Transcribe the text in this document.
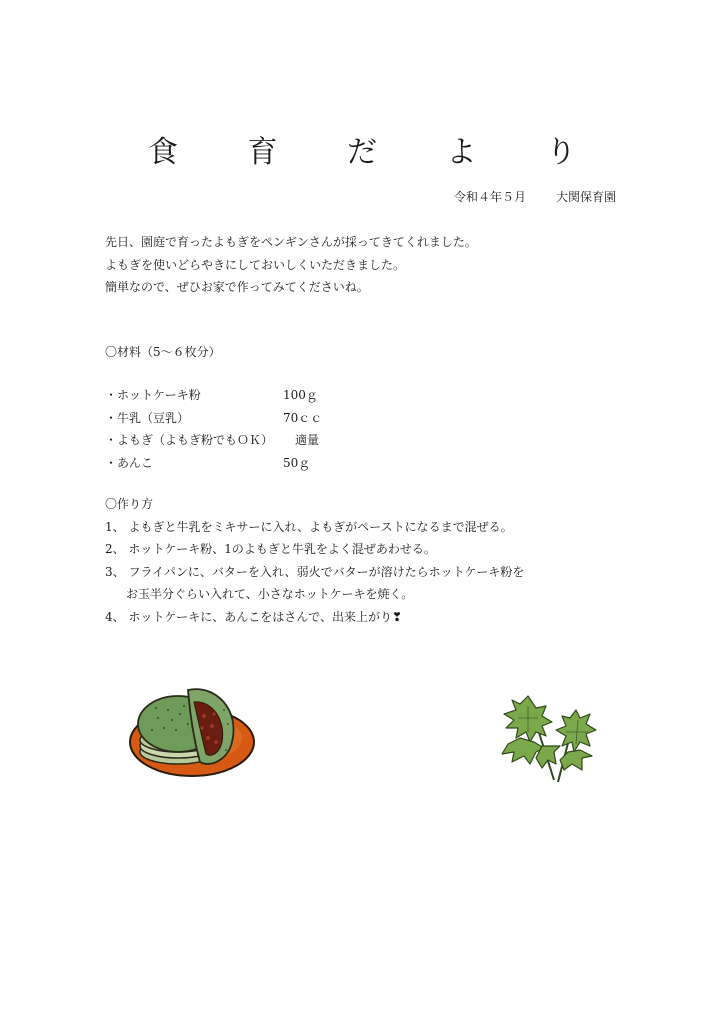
食 育 だ よ り
令和４年５月	大関保育園
先日、園庭で育ったよもぎをペンギンさんが採ってきてくれました。
よもぎを使いどらやきにしておいしくいただきました。
簡単なので、ぜひお家で作ってみてくださいね。
〇材料（5～６枚分）
・ホットケーキ粉	100ｇ
・牛乳（豆乳）	70ｃｃ
・よもぎ（よもぎ粉でもＯＫ） 適量
・あんこ	50ｇ
〇作り方
1、 よもぎと牛乳をミキサーに入れ、よもぎがペーストになるまで混ぜる。
2、 ホットケーキ粉、1のよもぎと牛乳をよく混ぜあわせる。
3、 フライパンに、バターを入れ、弱火でバターが溶けたらホットケーキ粉を
お玉半分ぐらい入れて、小さなホットケーキを焼く。
4、 ホットケーキに、あんこをはさんで、出来上がり❣
